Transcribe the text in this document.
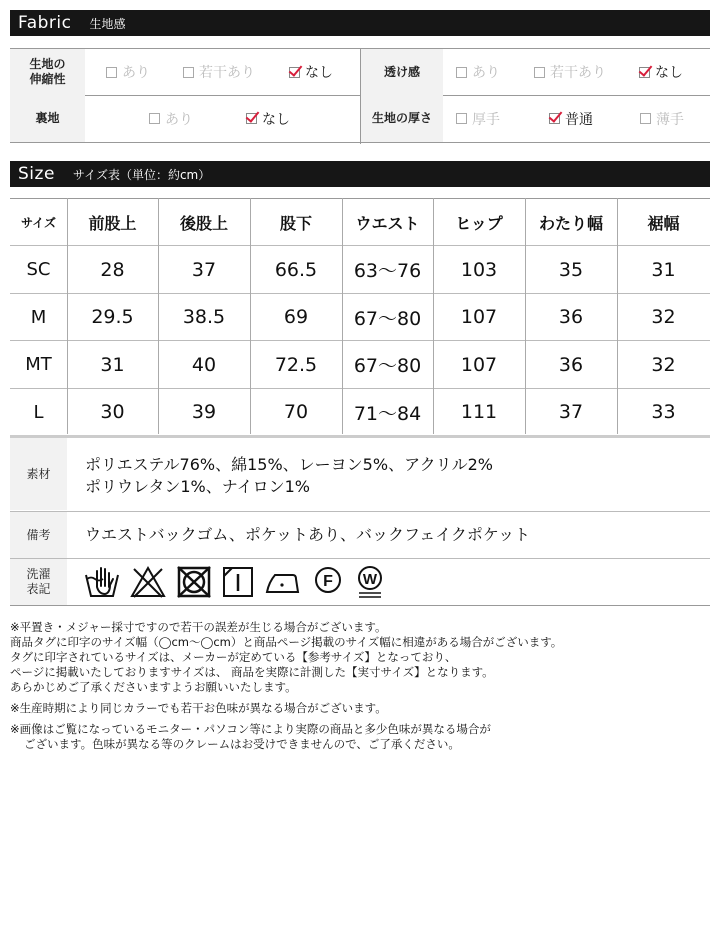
Fabric 生地感
生地の
伸縮性	あり	若干あり	なし	透け感	あり	若干あり	なし
裏地	あり	なし	生地の厚さ	厚手	普通	薄手
Size サイズ表（単位：約cm）
サイズ	前股上	後股上	股下	ウエスト	ヒップ	わたり幅	裾幅
SC	28	37	66.5	63〜76	103	35	31
M	29.5	38.5	69	67〜80	107	36	32
MT	31	40	72.5	67〜80	107	36	32
L	30	39	70	71〜84	111	37	33
素材	ポリエステル76%、綿15%、レーヨン5%、アクリル2%
ポリウレタン1%、ナイロン1%
備考	ウエストバックゴム、ポケットあり、バックフェイクポケット
洗濯
表記	F W
※平置き・メジャー採寸ですので若干の誤差が生じる場合がございます。
商品タグに印字のサイズ幅（◯cm〜◯cm）と商品ページ掲載のサイズ幅に相違がある場合がございます。
タグに印字されているサイズは、メーカーが定めている【参考サイズ】となっており、
ページに掲載いたしておりますサイズは、 商品を実際に計測した【実寸サイズ】となります。
あらかじめご了承くださいますようお願いいたします。
※生産時期により同じカラーでも若干お色味が異なる場合がございます。
※画像はご覧になっているモニター・パソコン等により実際の商品と多少色味が異なる場合が
ございます。色味が異なる等のクレームはお受けできませんので、ご了承ください。
